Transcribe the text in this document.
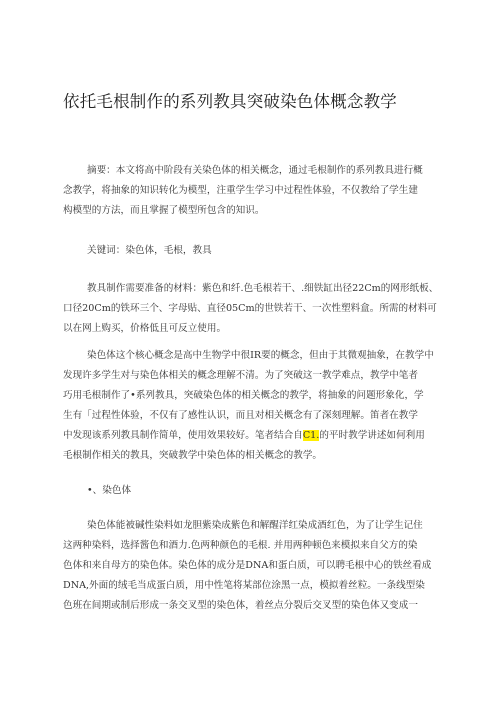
依托毛根制作的系列教具突破染色体概念教学
摘要：本文将高中阶段有关染色体的相关概念，通过毛根制作的系列教具进行概
念教学，将抽象的知识转化为模型，注重学生学习中过程性体验，不仅教给了学生建
构模型的方法，而且掌握了模型所包含的知识。
关键词：染色体，毛根，教具
教具制作需要准备的材料：紫色和纤.色毛根若干、.细铁缸出径22Cm的网形纸板、
口径20Cm的铁环三个、字母贴、直径05Cm的世铁若干、一次性塑料盒。所需的材料可
以在网上购买，价格低且可反立使用。
染色体这个核心概念是高中生物学中很IR要的概念，但由于其微观抽象，在教学中
发现许多学生对与染色体相关的概念理解不清。为了突破这一教学难点，教学中笔者
巧用毛根制作了•系列教具，突破染色体的相关概念的教学，将抽象的问题形象化，学
生有「过程性体验，不仅有了感性认识，而且对相关概念有了深刻理解。笛者在教学
中发现该系列教具制作简单，使用效果较好。笔者结合自C1.的平时教学讲述如何利用
毛根制作相关的教具，突破教学中染色体的相关概念的教学。
•、染色体
染色体能被碱性染料如龙胆紫染成紫色和解醒洋红染成酒红色，为了让学生记住
这两种染料，选择酱色和酒力.色两种颜色的毛根. 并用两种顿色来模拟来自父方的染
色体和来自母方的染色体。染色体的成分是DNA和蛋白质，可以聘毛根中心的铁丝看成
DNA,外面的绒毛当成蛋白质，用中性笔将某部位涂黑一点，模拟着丝粒。一条线型染
色班在间期或制后形成一条交叉型的染色体，着丝点分裂后交叉型的染色体又变成一
